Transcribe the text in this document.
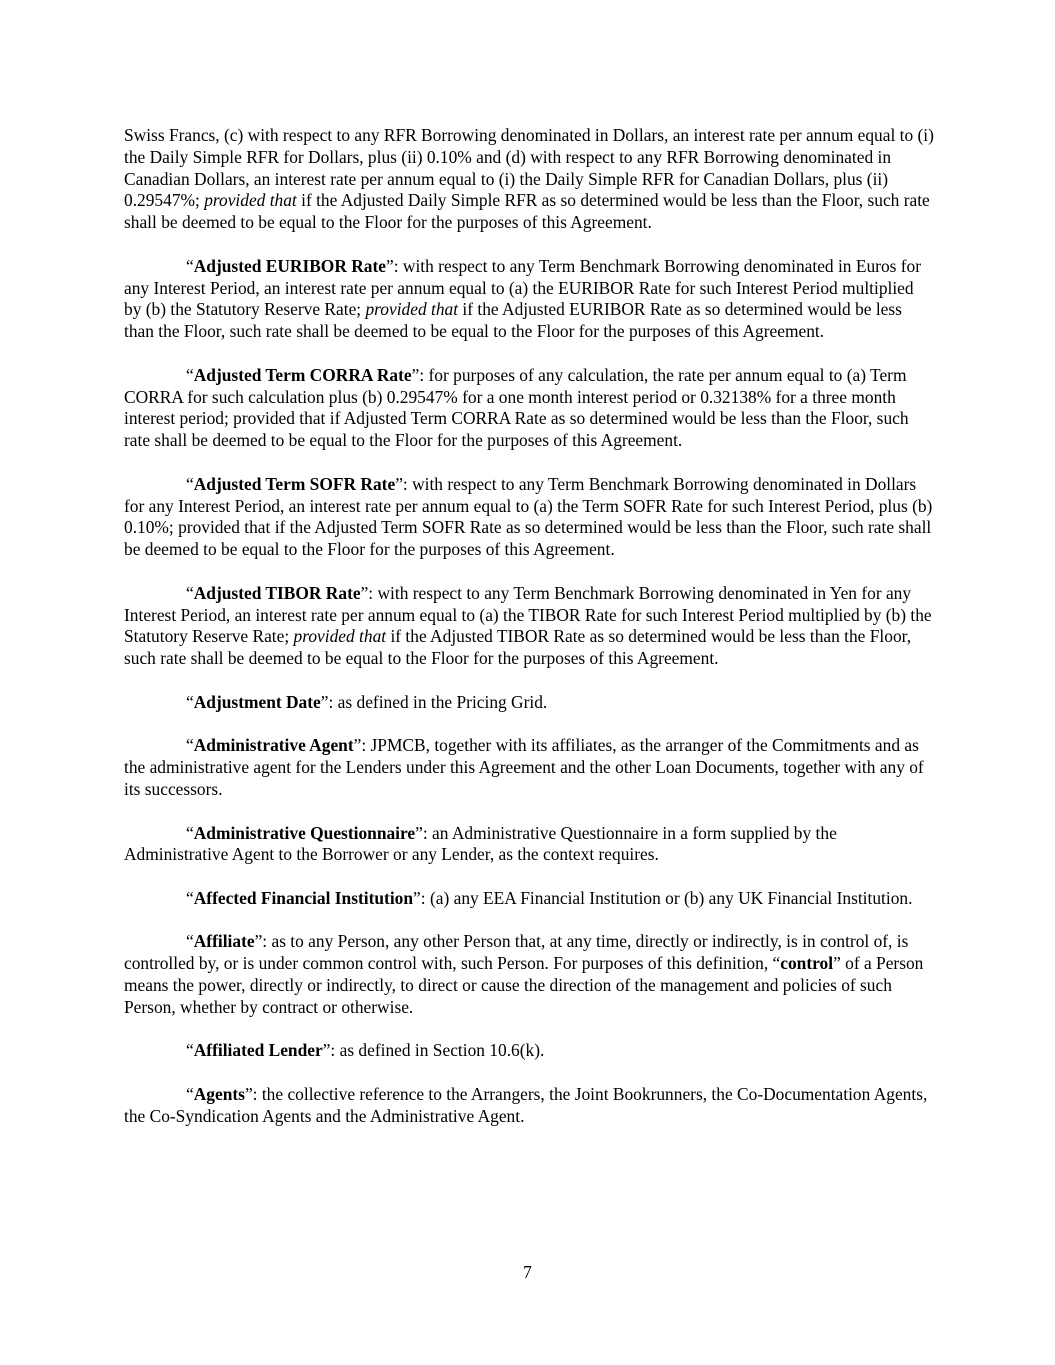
Swiss Francs, (c) with respect to any RFR Borrowing denominated in Dollars, an interest rate per annum equal to (i) the Daily Simple RFR for Dollars, plus (ii) 0.10% and (d) with respect to any RFR Borrowing denominated in Canadian Dollars, an interest rate per annum equal to (i) the Daily Simple RFR for Canadian Dollars, plus (ii) 0.29547%; provided that if the Adjusted Daily Simple RFR as so determined would be less than the Floor, such rate shall be deemed to be equal to the Floor for the purposes of this Agreement.

“Adjusted EURIBOR Rate”: with respect to any Term Benchmark Borrowing denominated in Euros for any Interest Period, an interest rate per annum equal to (a) the EURIBOR Rate for such Interest Period multiplied by (b) the Statutory Reserve Rate; provided that if the Adjusted EURIBOR Rate as so determined would be less than the Floor, such rate shall be deemed to be equal to the Floor for the purposes of this Agreement.

“Adjusted Term CORRA Rate”: for purposes of any calculation, the rate per annum equal to (a) Term CORRA for such calculation plus (b) 0.29547% for a one month interest period or 0.32138% for a three month interest period; provided that if Adjusted Term CORRA Rate as so determined would be less than the Floor, such rate shall be deemed to be equal to the Floor for the purposes of this Agreement.

“Adjusted Term SOFR Rate”: with respect to any Term Benchmark Borrowing denominated in Dollars for any Interest Period, an interest rate per annum equal to (a) the Term SOFR Rate for such Interest Period, plus (b) 0.10%; provided that if the Adjusted Term SOFR Rate as so determined would be less than the Floor, such rate shall be deemed to be equal to the Floor for the purposes of this Agreement.

“Adjusted TIBOR Rate”: with respect to any Term Benchmark Borrowing denominated in Yen for any Interest Period, an interest rate per annum equal to (a) the TIBOR Rate for such Interest Period multiplied by (b) the Statutory Reserve Rate; provided that if the Adjusted TIBOR Rate as so determined would be less than the Floor, such rate shall be deemed to be equal to the Floor for the purposes of this Agreement.

“Adjustment Date”: as defined in the Pricing Grid.

“Administrative Agent”: JPMCB, together with its affiliates, as the arranger of the Commitments and as the administrative agent for the Lenders under this Agreement and the other Loan Documents, together with any of its successors.

“Administrative Questionnaire”: an Administrative Questionnaire in a form supplied by the Administrative Agent to the Borrower or any Lender, as the context requires.

“Affected Financial Institution”: (a) any EEA Financial Institution or (b) any UK Financial Institution.

“Affiliate”: as to any Person, any other Person that, at any time, directly or indirectly, is in control of, is controlled by, or is under common control with, such Person. For purposes of this definition, “control” of a Person means the power, directly or indirectly, to direct or cause the direction of the management and policies of such Person, whether by contract or otherwise.

“Affiliated Lender”: as defined in Section 10.6(k).

“Agents”: the collective reference to the Arrangers, the Joint Bookrunners, the Co-Documentation Agents, the Co-Syndication Agents and the Administrative Agent.

7
